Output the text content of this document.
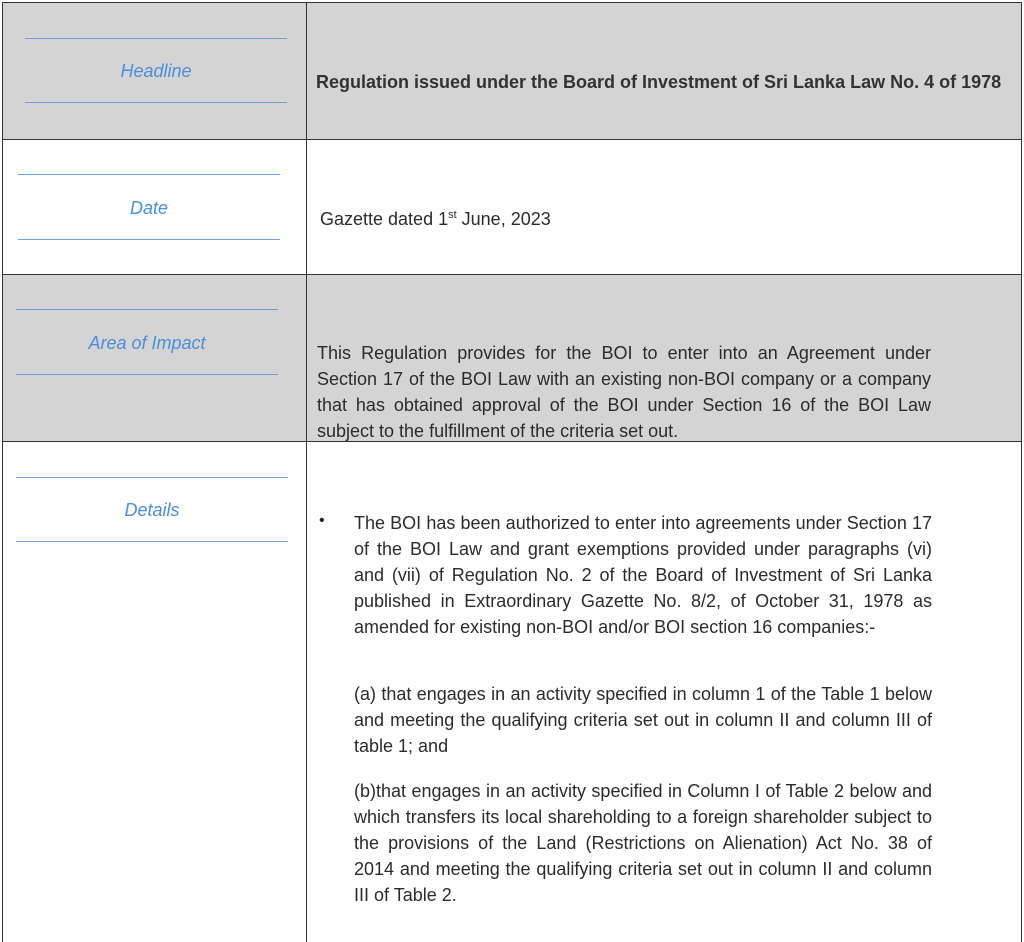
Headline
Regulation issued under the Board of Investment of Sri Lanka Law No. 4 of 1978
Date
Gazette dated 1st June, 2023
Area of Impact	This Regulation provides for the BOI to enter into an Agreement under Section 17 of the BOI Law with an existing non-BOI company or a company that has obtained approval of the BOI under Section 16 of the BOI Law subject to the fulfillment of the criteria set out.
Details
• The BOI has been authorized to enter into agreements under Section 17 of the BOI Law and grant exemptions provided under paragraphs (vi) and (vii) of Regulation No. 2 of the Board of Investment of Sri Lanka published in Extraordinary Gazette No. 8/2, of October 31, 1978 as amended for existing non-BOI and/or BOI section 16 companies:-
(a) that engages in an activity specified in column 1 of the Table 1 below and meeting the qualifying criteria set out in column II and column III of table 1; and
(b)that engages in an activity specified in Column I of Table 2 below and which transfers its local shareholding to a foreign shareholder subject to the provisions of the Land (Restrictions on Alienation) Act No. 38 of 2014 and meeting the qualifying criteria set out in column II and column III of Table 2.
